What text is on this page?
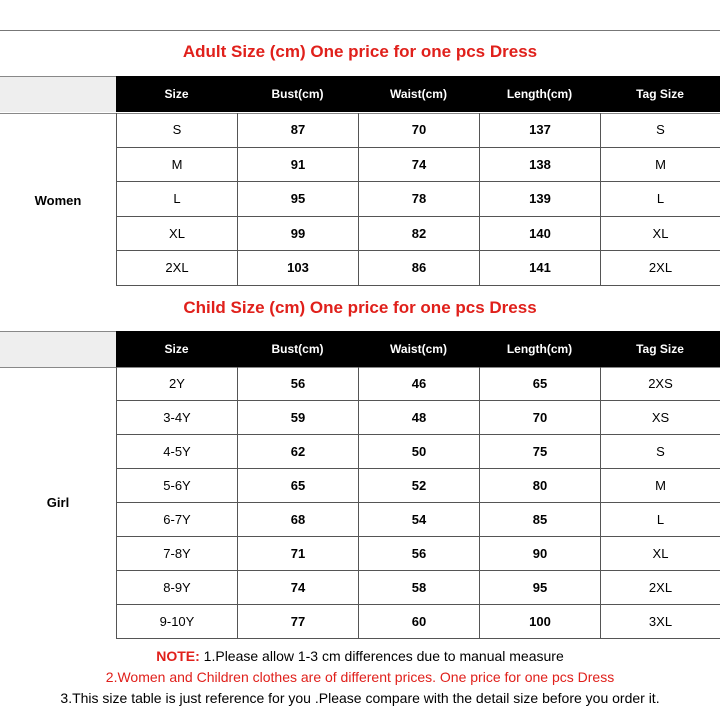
Adult Size (cm) One price for one pcs Dress
Size	Bust(cm)	Waist(cm)	Length(cm)	Tag Size
Women
S	87	70	137	S
M	91	74	138	M
L	95	78	139	L
XL	99	82	140	XL
2XL	103	86	141	2XL
Child Size (cm) One price for one pcs Dress
Size	Bust(cm)	Waist(cm)	Length(cm)	Tag Size
Girl
2Y	56	46	65	2XS
3-4Y	59	48	70	XS
4-5Y	62	50	75	S
5-6Y	65	52	80	M
6-7Y	68	54	85	L
7-8Y	71	56	90	XL
8-9Y	74	58	95	2XL
9-10Y	77	60	100	3XL
NOTE: 1.Please allow 1-3 cm differences due to manual measure
2.Women and Children clothes are of different prices. One price for one pcs Dress
3.This size table is just reference for you .Please compare with the detail size before you order it.
